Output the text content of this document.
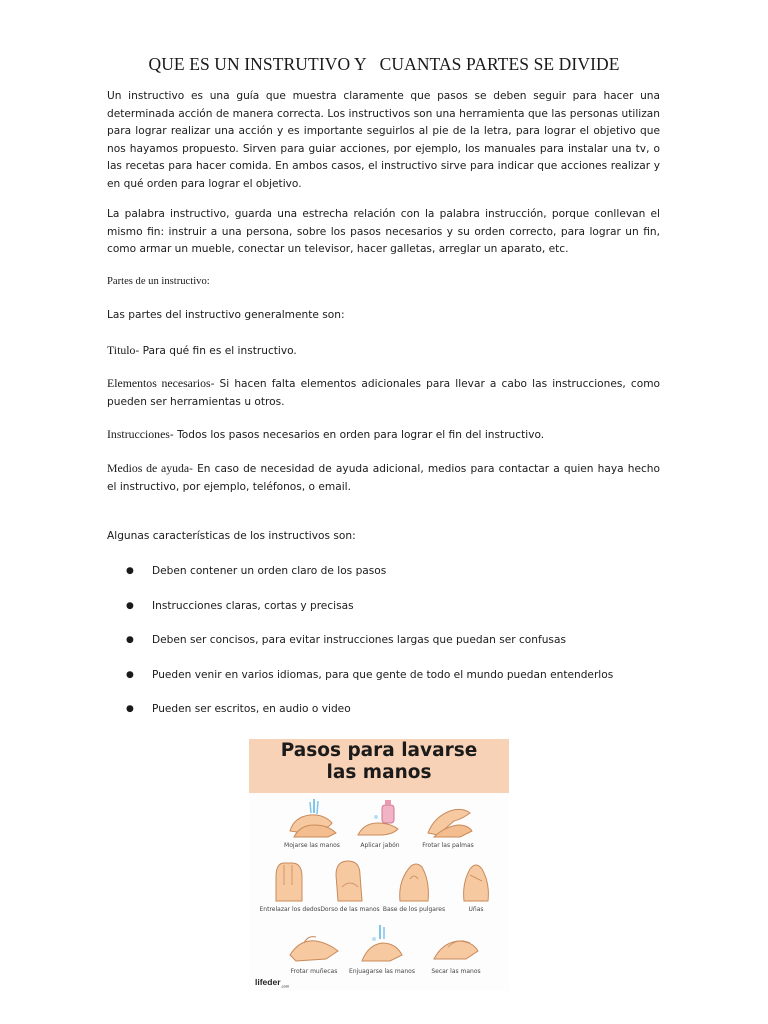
QUE ES UN INSTRUTIVO Y   CUANTAS PARTES SE DIVIDE
Un instructivo es una guía que muestra claramente que pasos se deben seguir para hacer una determinada acción de manera correcta. Los instructivos son una herramienta que las personas utilizan para lograr realizar una acción y es importante seguirlos al pie de la letra, para lograr el objetivo que nos hayamos propuesto. Sirven para guiar acciones, por ejemplo, los manuales para instalar una tv, o las recetas para hacer comida. En ambos casos, el instructivo sirve para indicar que acciones realizar y en qué orden para lograr el objetivo.
La palabra instructivo, guarda una estrecha relación con la palabra instrucción, porque conllevan el mismo fin: instruir a una persona, sobre los pasos necesarios y su orden correcto, para lograr un fin, como armar un mueble, conectar un televisor, hacer galletas, arreglar un aparato, etc.
Partes de un instructivo:
Las partes del instructivo generalmente son:
Titulo- Para qué fin es el instructivo.
Elementos necesarios- Si hacen falta elementos adicionales para llevar a cabo las instrucciones, como pueden ser herramientas u otros.
Instrucciones- Todos los pasos necesarios en orden para lograr el fin del instructivo.
Medios de ayuda- En caso de necesidad de ayuda adicional, medios para contactar a quien haya hecho el instructivo, por ejemplo, teléfonos, o email.
Algunas características de los instructivos son:
● Deben contener un orden claro de los pasos
● Instrucciones claras, cortas y precisas
● Deben ser concisos, para evitar instrucciones largas que puedan ser confusas
● Pueden venir en varios idiomas, para que gente de todo el mundo puedan entenderlos
● Pueden ser escritos, en audio o video
Pasos para lavarse
las manos
Mojarse las manos	Aplicar jabón	Frotar las palmas
Entrelazar los dedos Dorso de las manos Base de los pulgares	Uñas
Frotar muñecas	Enjuagarse las manos	Secar las manos
lifeder$_{.com}$
